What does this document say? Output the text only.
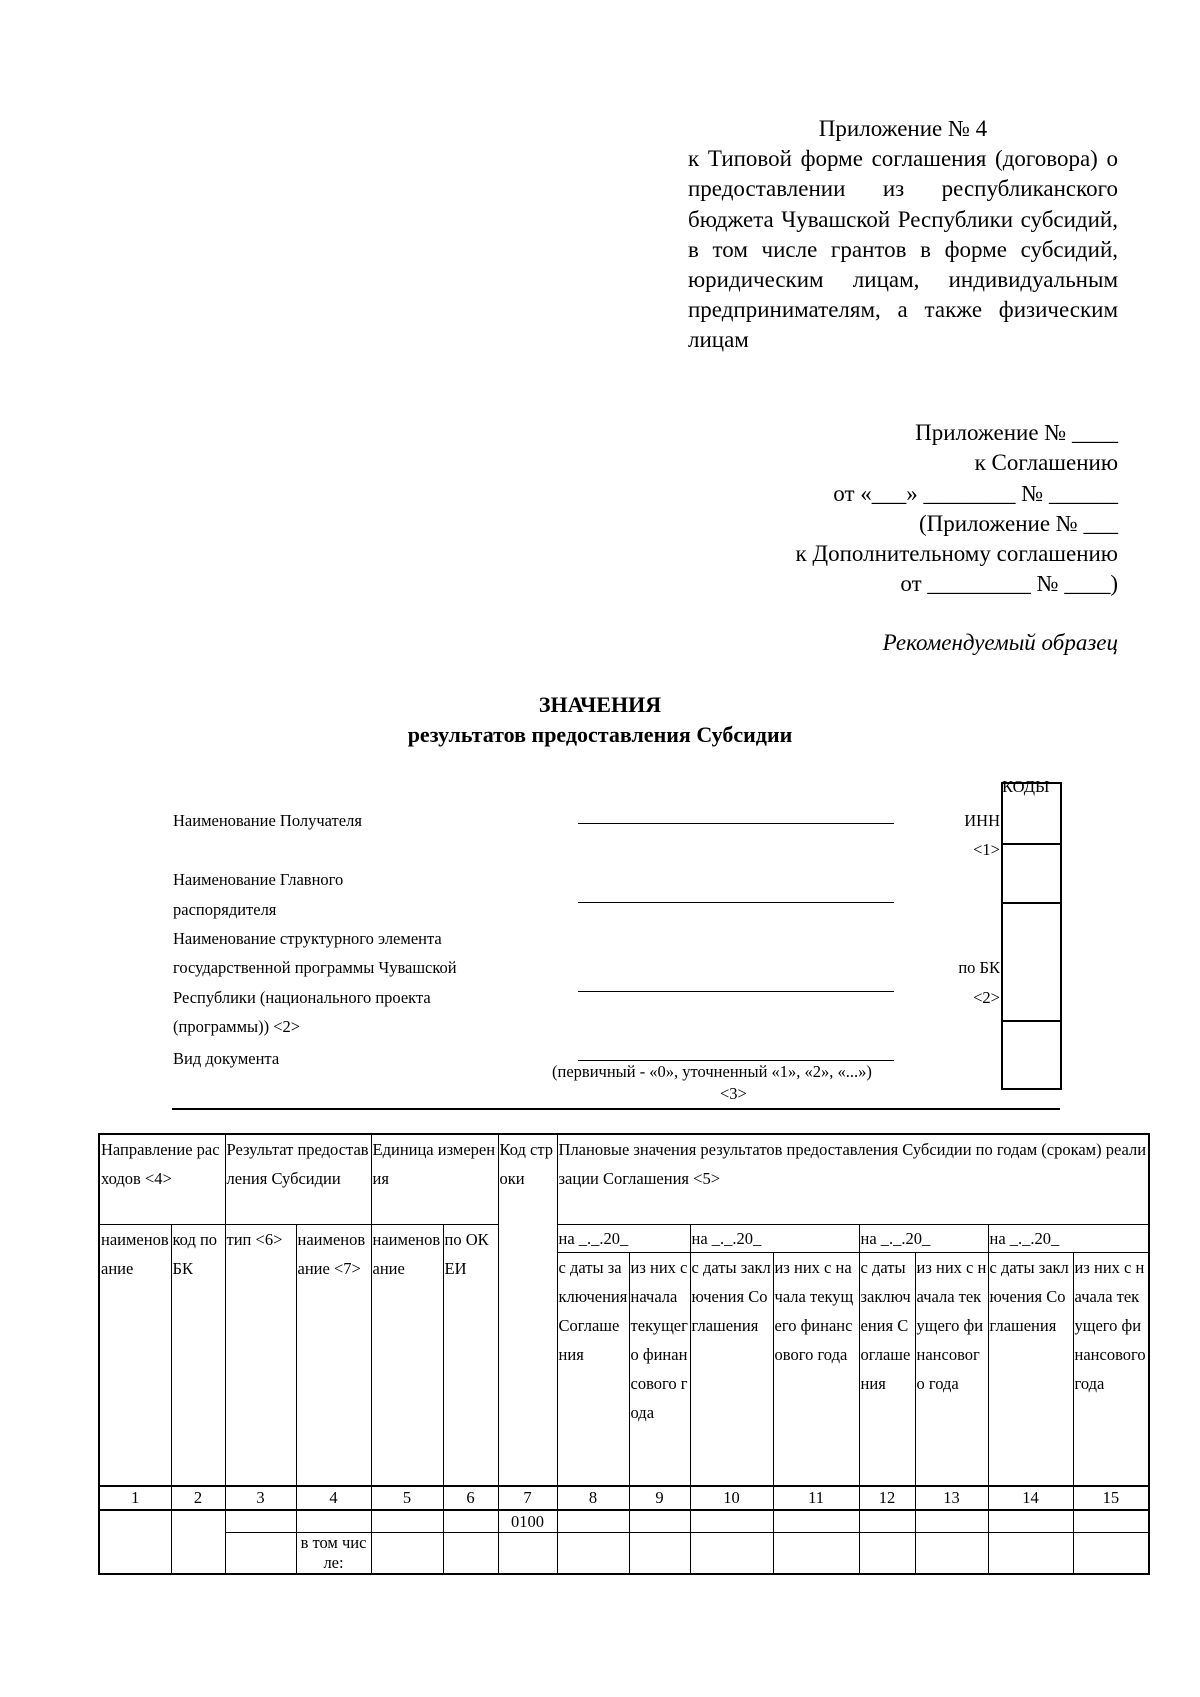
Приложение № 4
к Типовой форме соглашения (договора) о предоставлении из республиканского бюджета Чувашской Республики субсидий, в том числе грантов в форме субсидий, юридическим лицам, индивидуальным предпринимателям, а также физическим лицам
Приложение № ____
к Соглашению
от «___» ________ № ______
(Приложение № ___
к Дополнительному соглашению
от _________ № ____)
Рекомендуемый образец
ЗНАЧЕНИЯ
результатов предоставления Субсидии
КОДЫ
Наименование Получателя	ИНН
<1>
Наименование Главного
распорядителя
Наименование структурного элемента
государственной программы Чувашской
Республики (национального проекта
(программы)) <2>
по БК
<2>
Вид документа
(первичный - «0», уточненный «1», «2», «...»)
<3>

Направление расходов <4>		Результат предоставления Субсидии		Единица измерения		Код строки	Плановые значения результатов предоставления Субсидии по годам (срокам) реализации Соглашения <5>							
наименование	код по БК	тип <6>	наименование <7>	наименование	по ОКЕИ		на _._.20_		на _._.20_		на _._.20_		на _._.20_	
							с даты заключения Соглашения	из них с начала текущего финансового года	с даты заключения Соглашения	из них с начала текущего финансового года	с даты заключения Соглашения	из них с начала текущего финансового года	с даты заключения Соглашения	из них с начала текущего финансового года
1	2	3	4	5	6	7	8	9	10	11	12	13	14	15
						0100								
			в том числе:											
